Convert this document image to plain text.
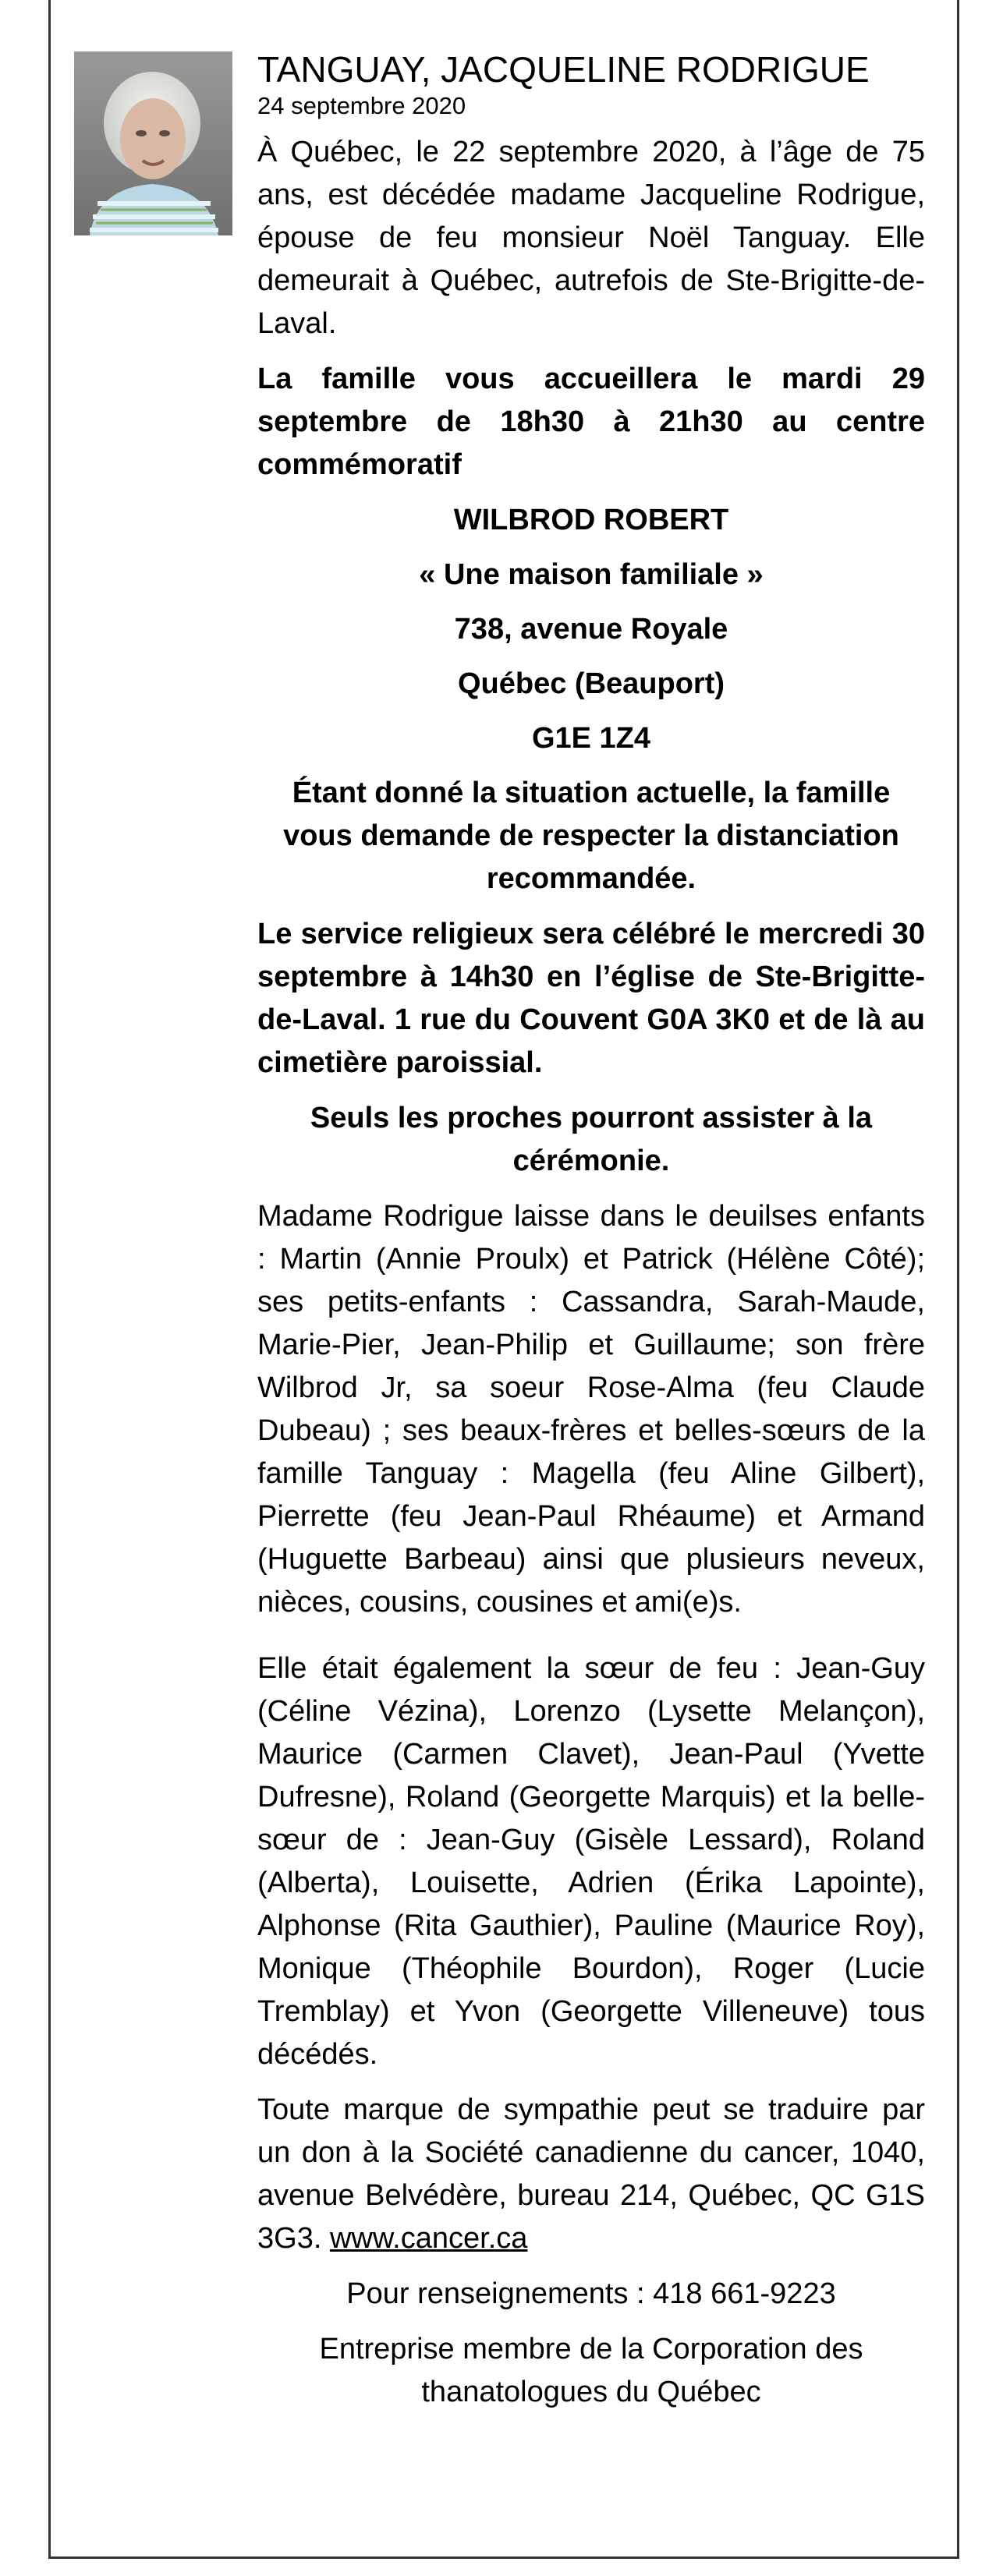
TANGUAY, JACQUELINE RODRIGUE
24 septembre 2020

À Québec, le 22 septembre 2020, à l’âge de 75 ans, est décédée madame Jacqueline Rodrigue, épouse de feu monsieur Noël Tanguay. Elle demeurait à Québec, autrefois de Ste-Brigitte-de-Laval.

La famille vous accueillera le mardi 29 septembre de 18h30 à 21h30 au centre commémoratif

WILBROD ROBERT

« Une maison familiale »

738, avenue Royale

Québec (Beauport)

G1E 1Z4

Étant donné la situation actuelle, la famille vous demande de respecter la distanciation recommandée.

Le service religieux sera célébré le mercredi 30 septembre à 14h30 en l’église de Ste-Brigitte-de-Laval. 1 rue du Couvent G0A 3K0 et de là au cimetière paroissial.

Seuls les proches pourront assister à la cérémonie.

Madame Rodrigue laisse dans le deuilses enfants : Martin (Annie Proulx) et Patrick (Hélène Côté); ses petits-enfants : Cassandra, Sarah-Maude, Marie-Pier, Jean-Philip et Guillaume; son frère Wilbrod Jr, sa soeur Rose-Alma (feu Claude Dubeau) ; ses beaux-frères et belles-sœurs de la famille Tanguay : Magella (feu Aline Gilbert), Pierrette (feu Jean-Paul Rhéaume) et Armand (Huguette Barbeau) ainsi que plusieurs neveux, nièces, cousins, cousines et ami(e)s.

Elle était également la sœur de feu : Jean-Guy (Céline Vézina), Lorenzo (Lysette Melançon), Maurice (Carmen Clavet), Jean-Paul (Yvette Dufresne), Roland (Georgette Marquis) et la belle-sœur de : Jean-Guy (Gisèle Lessard), Roland (Alberta), Louisette, Adrien (Érika Lapointe), Alphonse (Rita Gauthier), Pauline (Maurice Roy), Monique (Théophile Bourdon), Roger (Lucie Tremblay) et Yvon (Georgette Villeneuve) tous décédés.

Toute marque de sympathie peut se traduire par un don à la Société canadienne du cancer, 1040, avenue Belvédère, bureau 214, Québec, QC G1S 3G3. www.cancer.ca

Pour renseignements : 418 661-9223

Entreprise membre de la Corporation des thanatologues du Québec
